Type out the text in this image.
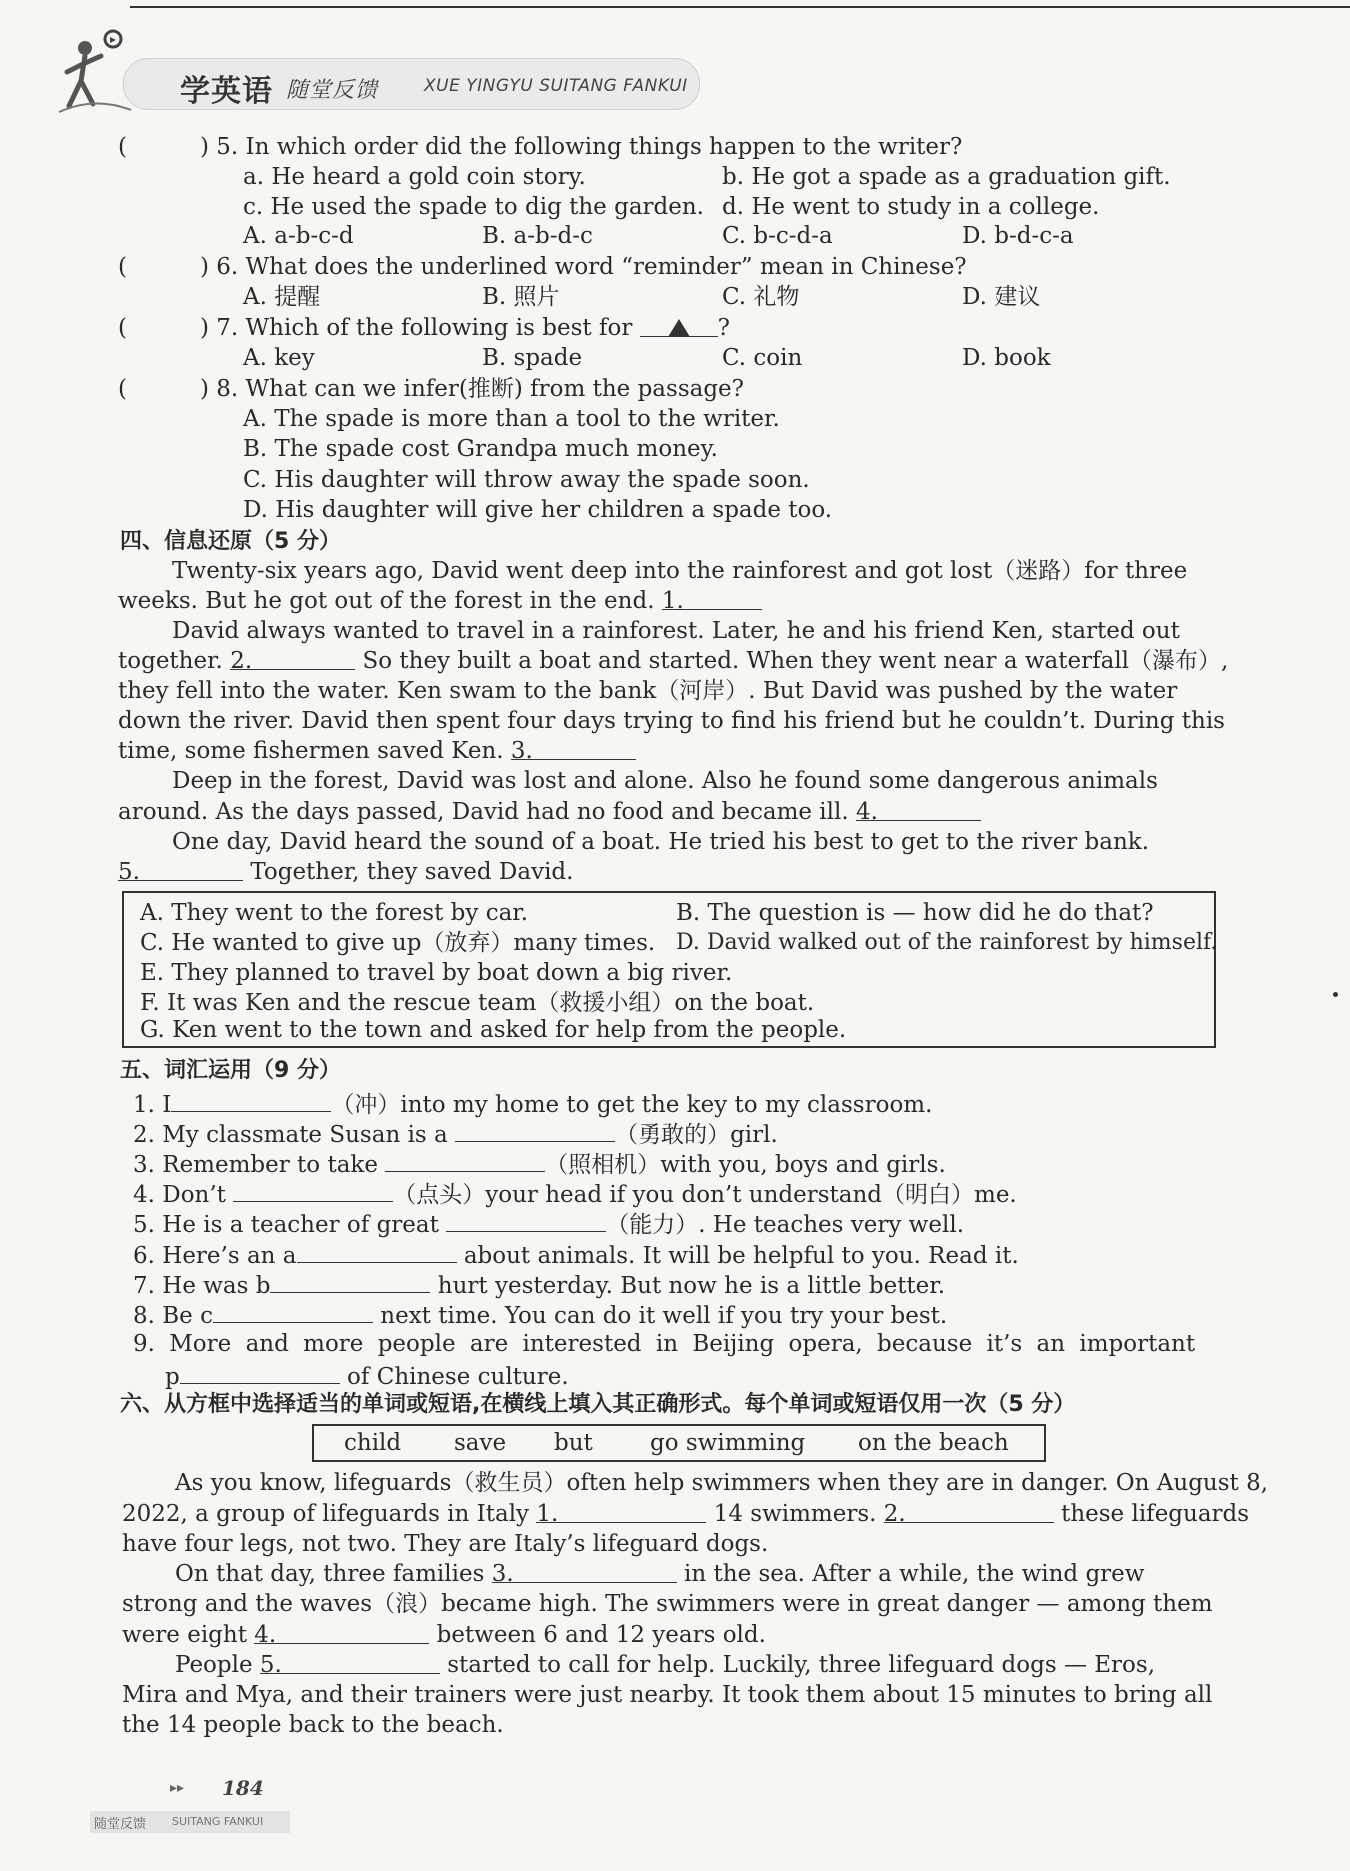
学英语 随堂反馈	XUE YINGYU SUITANG FANKUI
(	) 5. In which order did the following things happen to the writer?
a. He heard a gold coin story.	b. He got a spade as a graduation gift.
c. He used the spade to dig the garden. d. He went to study in a college.
A. a-b-c-d	B. a-b-d-c	C. b-c-d-a	D. b-d-c-a
(	) 6. What does the underlined word “reminder” mean in Chinese?
A. 提醒	B. 照片	C. 礼物	D. 建议
(	) 7. Which of the following is best for	?
A. key	B. spade	C. coin	D. book
(	) 8. What can we infer(推断) from the passage?
A. The spade is more than a tool to the writer.
B. The spade cost Grandpa much money.
C. His daughter will throw away the spade soon.
D. His daughter will give her children a spade too.
四、信息还原（5 分）
Twenty-six years ago, David went deep into the rainforest and got lost（迷路）for three
weeks. But he got out of the forest in the end. 1.
David always wanted to travel in a rainforest. Later, he and his friend Ken, started out
together. 2.	So they built a boat and started. When they went near a waterfall（瀑布）,
they fell into the water. Ken swam to the bank（河岸）. But David was pushed by the water
down the river. David then spent four days trying to find his friend but he couldn’t. During this
time, some fishermen saved Ken. 3.
Deep in the forest, David was lost and alone. Also he found some dangerous animals
around. As the days passed, David had no food and became ill. 4.
One day, David heard the sound of a boat. He tried his best to get to the river bank.
5.	Together, they saved David.
A. They went to the forest by car.	B. The question is — how did he do that?
C. He wanted to give up（放弃）many times. D. David walked out of the rainforest by himself.
E. They planned to travel by boat down a big river.
F. It was Ken and the rescue team（救援小组）on the boat.
G. Ken went to the town and asked for help from the people.
五、词汇运用（9 分）
1. I	（冲）into my home to get the key to my classroom.
2. My classmate Susan is a	（勇敢的）girl.
3. Remember to take	（照相机）with you, boys and girls.
4. Don’t	（点头）your head if you don’t understand（明白）me.
5. He is a teacher of great	（能力）. He teaches very well.
6. Here’s an a	about animals. It will be helpful to you. Read it.
7. He was b	hurt yesterday. But now he is a little better.
8. Be c	next time. You can do it well if you try your best.
9. More and more people are interested in Beijing opera, because it’s an important
p	of Chinese culture.
六、从方框中选择适当的单词或短语,在横线上填入其正确形式。每个单词或短语仅用一次（5 分）
child save but go swimming on the beach
As you know, lifeguards（救生员）often help swimmers when they are in danger. On August 8,
2022, a group of lifeguards in Italy 1.	14 swimmers. 2.	these lifeguards
have four legs, not two. They are Italy’s lifeguard dogs.
On that day, three families 3.	in the sea. After a while, the wind grew
strong and the waves（浪）became high. The swimmers were in great danger — among them
were eight 4.	between 6 and 12 years old.
People 5.	started to call for help. Luckily, three lifeguard dogs — Eros,
Mira and Mya, and their trainers were just nearby. It took them about 15 minutes to bring all
the 14 people back to the beach.
▸▸ 184
随堂反馈 SUITANG FANKUI
